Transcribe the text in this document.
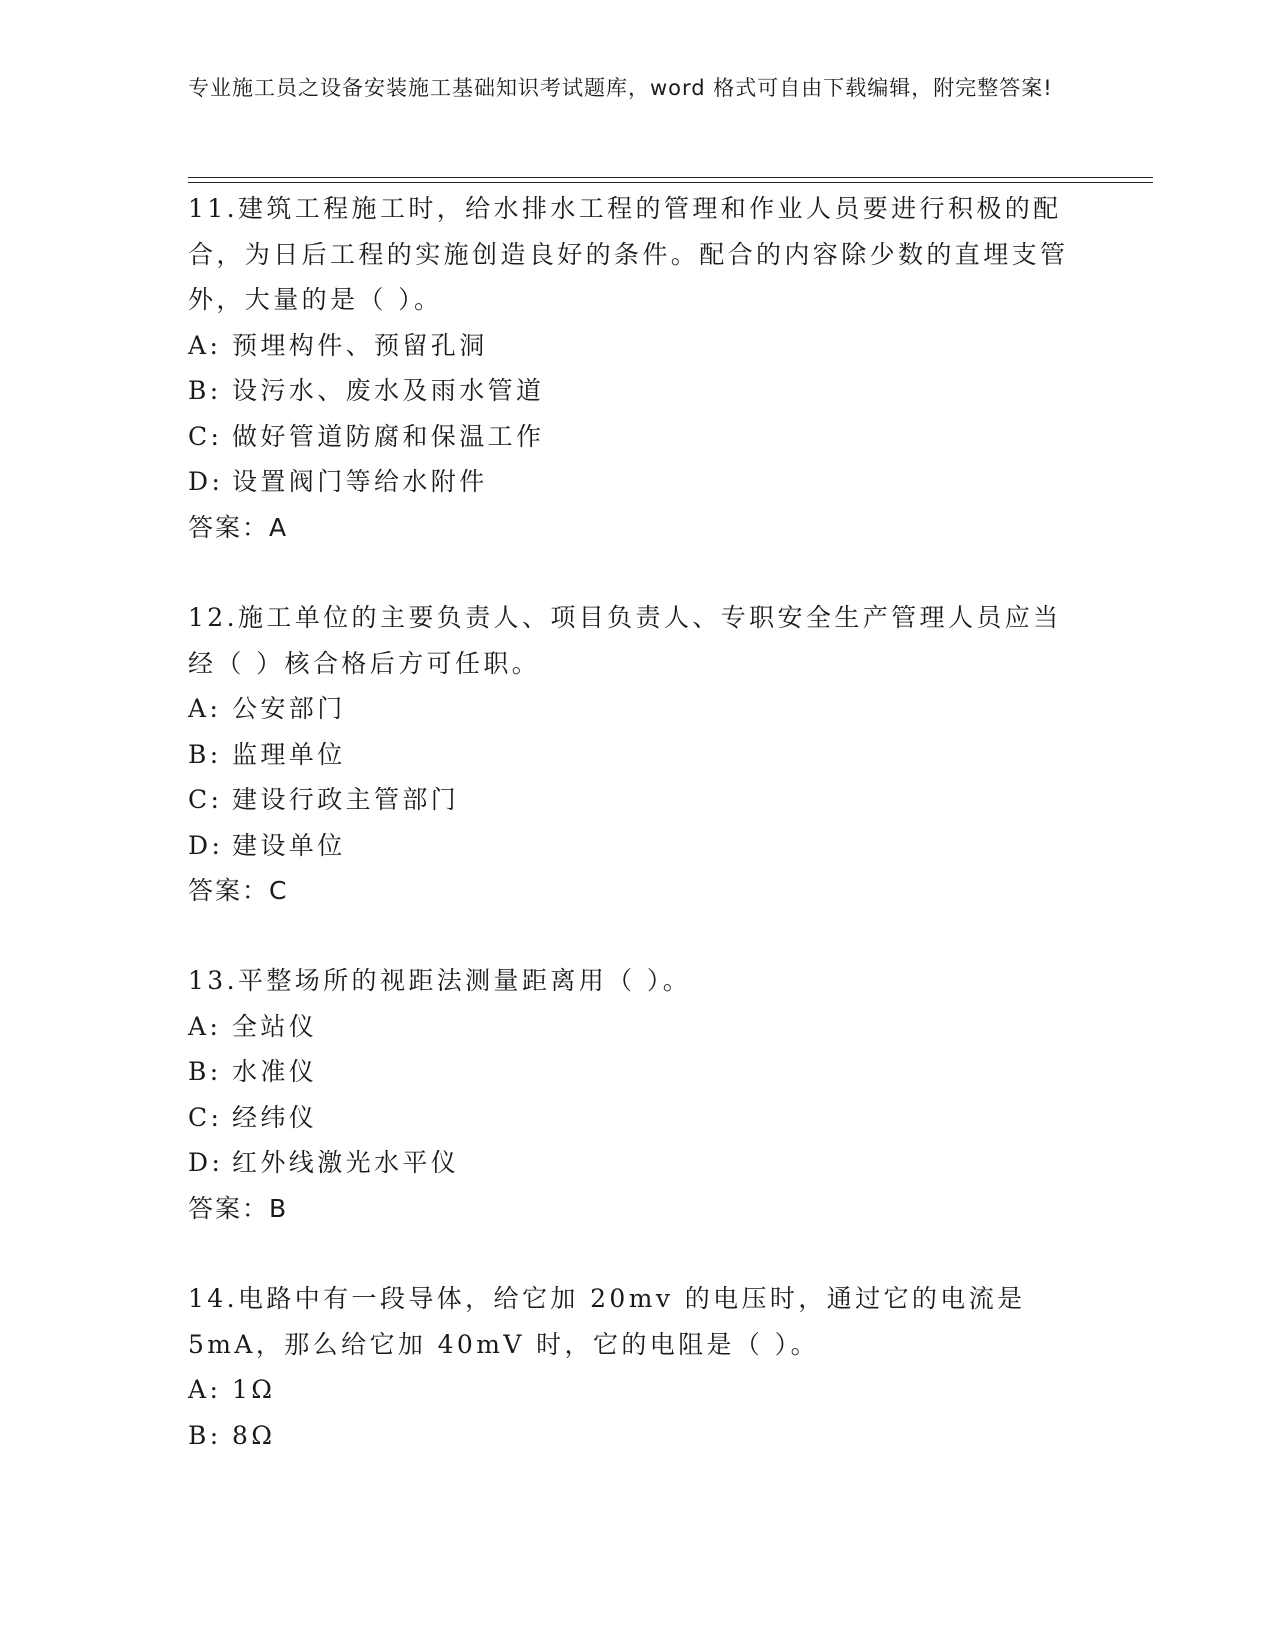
专业施工员之设备安装施工基础知识考试题库，word 格式可自由下载编辑，附完整答案!

11.建筑工程施工时，给水排水工程的管理和作业人员要进行积极的配合，为日后工程的实施创造良好的条件。配合的内容除少数的直埋支管外，大量的是（ ）。

A: 预埋构件、预留孔洞

B: 设污水、废水及雨水管道

C: 做好管道防腐和保温工作

D: 设置阀门等给水附件

答案：A

12.施工单位的主要负责人、项目负责人、专职安全生产管理人员应当经（ ）核合格后方可任职。

A: 公安部门

B: 监理单位

C: 建设行政主管部门

D: 建设单位

答案：C

13.平整场所的视距法测量距离用（ ）。

A: 全站仪

B: 水准仪

C: 经纬仪

D: 红外线激光水平仪

答案：B

14.电路中有一段导体，给它加 20mv 的电压时，通过它的电流是 5mA，那么给它加 40mV 时，它的电阻是（ ）。

A: 1Ω

B: 8Ω
